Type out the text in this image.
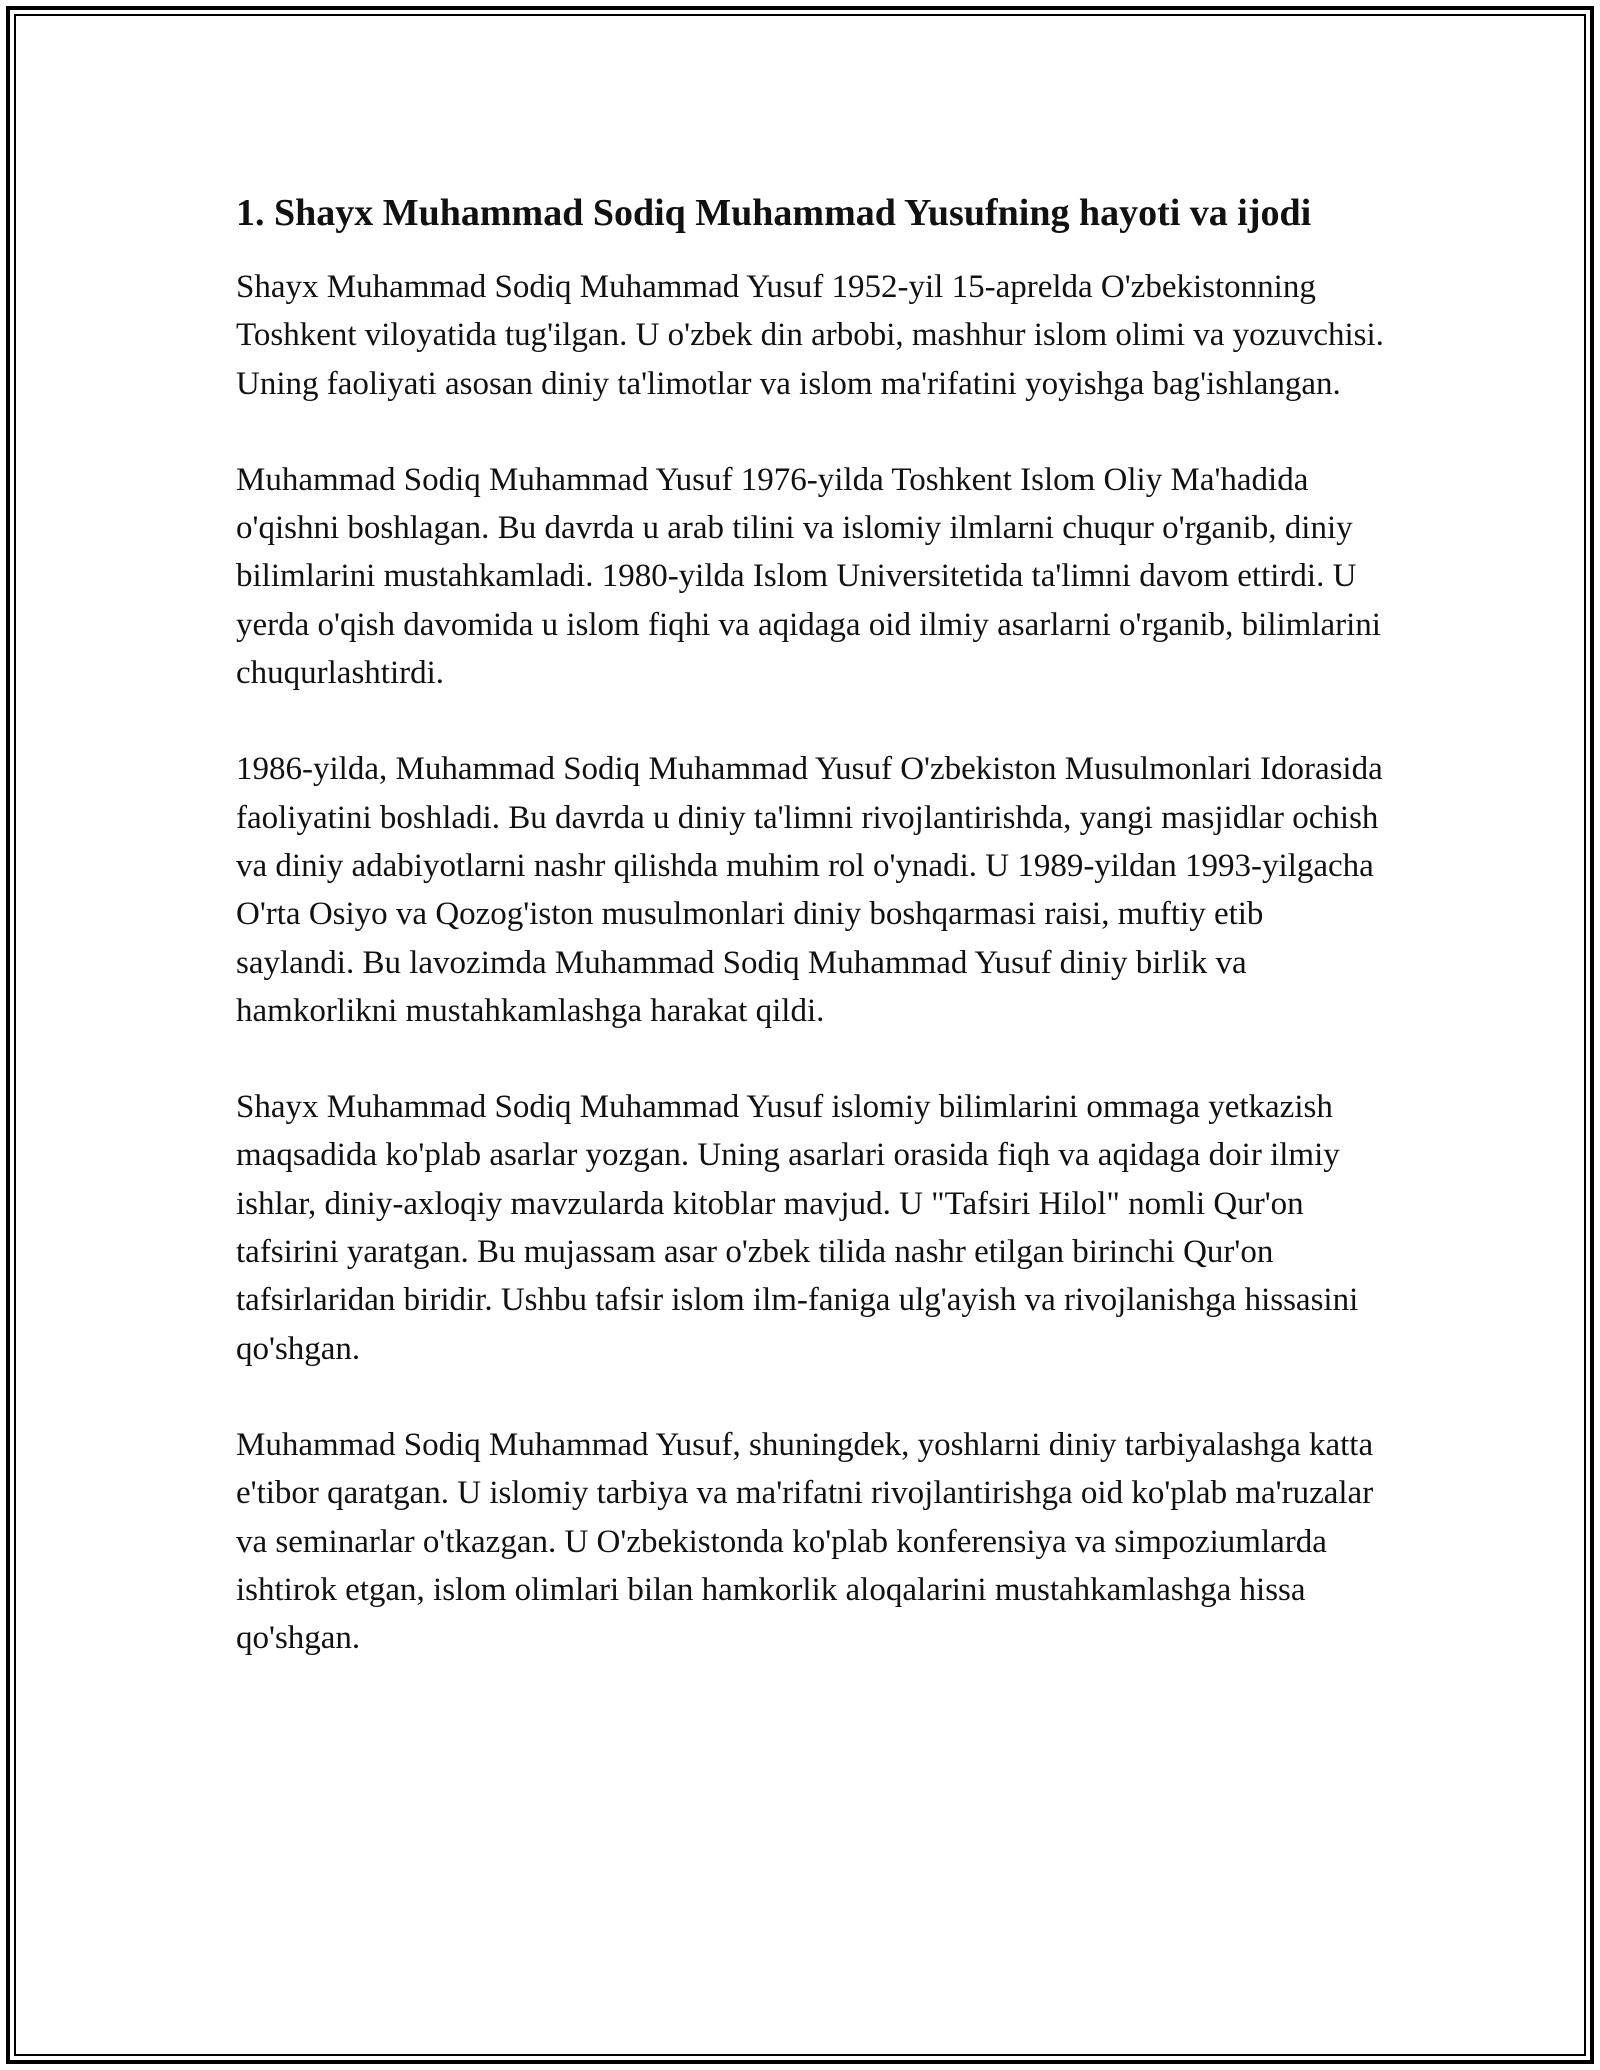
1. Shayx Muhammad Sodiq Muhammad Yusufning hayoti va ijodi

Shayx Muhammad Sodiq Muhammad Yusuf 1952-yil 15-aprelda O'zbekistonning Toshkent viloyatida tug'ilgan. U o'zbek din arbobi, mashhur islom olimi va yozuvchisi. Uning faoliyati asosan diniy ta'limotlar va islom ma'rifatini yoyishga bag'ishlangan.

Muhammad Sodiq Muhammad Yusuf 1976-yilda Toshkent Islom Oliy Ma'hadida o'qishni boshlagan. Bu davrda u arab tilini va islomiy ilmlarni chuqur o'rganib, diniy bilimlarini mustahkamladi. 1980-yilda Islom Universitetida ta'limni davom ettirdi. U yerda o'qish davomida u islom fiqhi va aqidaga oid ilmiy asarlarni o'rganib, bilimlarini chuqurlashtirdi.

1986-yilda, Muhammad Sodiq Muhammad Yusuf O'zbekiston Musulmonlari Idorasida faoliyatini boshladi. Bu davrda u diniy ta'limni rivojlantirishda, yangi masjidlar ochish va diniy adabiyotlarni nashr qilishda muhim rol o'ynadi. U 1989-yildan 1993-yilgacha O'rta Osiyo va Qozog'iston musulmonlari diniy boshqarmasi raisi, muftiy etib saylandi. Bu lavozimda Muhammad Sodiq Muhammad Yusuf diniy birlik va hamkorlikni mustahkamlashga harakat qildi.

Shayx Muhammad Sodiq Muhammad Yusuf islomiy bilimlarini ommaga yetkazish maqsadida ko'plab asarlar yozgan. Uning asarlari orasida fiqh va aqidaga doir ilmiy ishlar, diniy-axloqiy mavzularda kitoblar mavjud. U "Tafsiri Hilol" nomli Qur'on tafsirini yaratgan. Bu mujassam asar o'zbek tilida nashr etilgan birinchi Qur'on tafsirlaridan biridir. Ushbu tafsir islom ilm-faniga ulg'ayish va rivojlanishga hissasini qo'shgan.

Muhammad Sodiq Muhammad Yusuf, shuningdek, yoshlarni diniy tarbiyalashga katta e'tibor qaratgan. U islomiy tarbiya va ma'rifatni rivojlantirishga oid ko'plab ma'ruzalar va seminarlar o'tkazgan. U O'zbekistonda ko'plab konferensiya va simpoziumlarda ishtirok etgan, islom olimlari bilan hamkorlik aloqalarini mustahkamlashga hissa qo'shgan.
